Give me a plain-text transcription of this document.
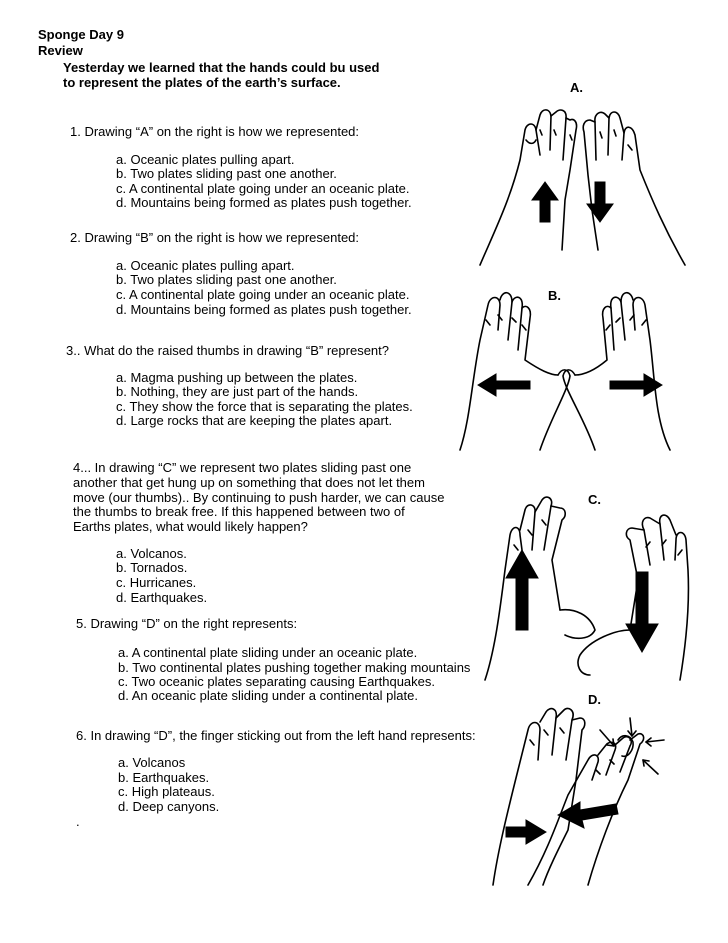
Sponge Day 9
Review
Yesterday we learned that the hands could bu used
to represent the plates of the earth’s surface.
1. Drawing “A” on the right is how we represented:
a. Oceanic plates pulling apart.
b. Two plates sliding past one another.
c. A continental plate going under an oceanic plate.
d. Mountains being formed as plates push together.
2. Drawing “B” on the right is how we represented:
a. Oceanic plates pulling apart.
b. Two plates sliding past one another.
c. A continental plate going under an oceanic plate.
d. Mountains being formed as plates push together.
3.. What do the raised thumbs in drawing “B” represent?
a. Magma pushing up between the plates.
b. Nothing, they are just part of the hands.
c. They show the force that is separating the plates.
d. Large rocks that are keeping the plates apart.
4... In drawing “C” we represent two plates sliding past one
another that get hung up on something that does not let them
move (our thumbs).. By continuing to push harder, we can cause
the thumbs to break free. If this happened between two of
Earths plates, what would likely happen?
a. Volcanos.
b. Tornados.
c. Hurricanes.
d. Earthquakes.
5. Drawing “D” on the right represents:
a. A continental plate sliding under an oceanic plate.
b. Two continental plates pushing together making mountains
c. Two oceanic plates separating causing Earthquakes.
d. An oceanic plate sliding under a continental plate.
6. In drawing “D”, the finger sticking out from the left hand represents:
a. Volcanos
b. Earthquakes.
c. High plateaus.
d. Deep canyons.
.
A.
B.
C.
D.
